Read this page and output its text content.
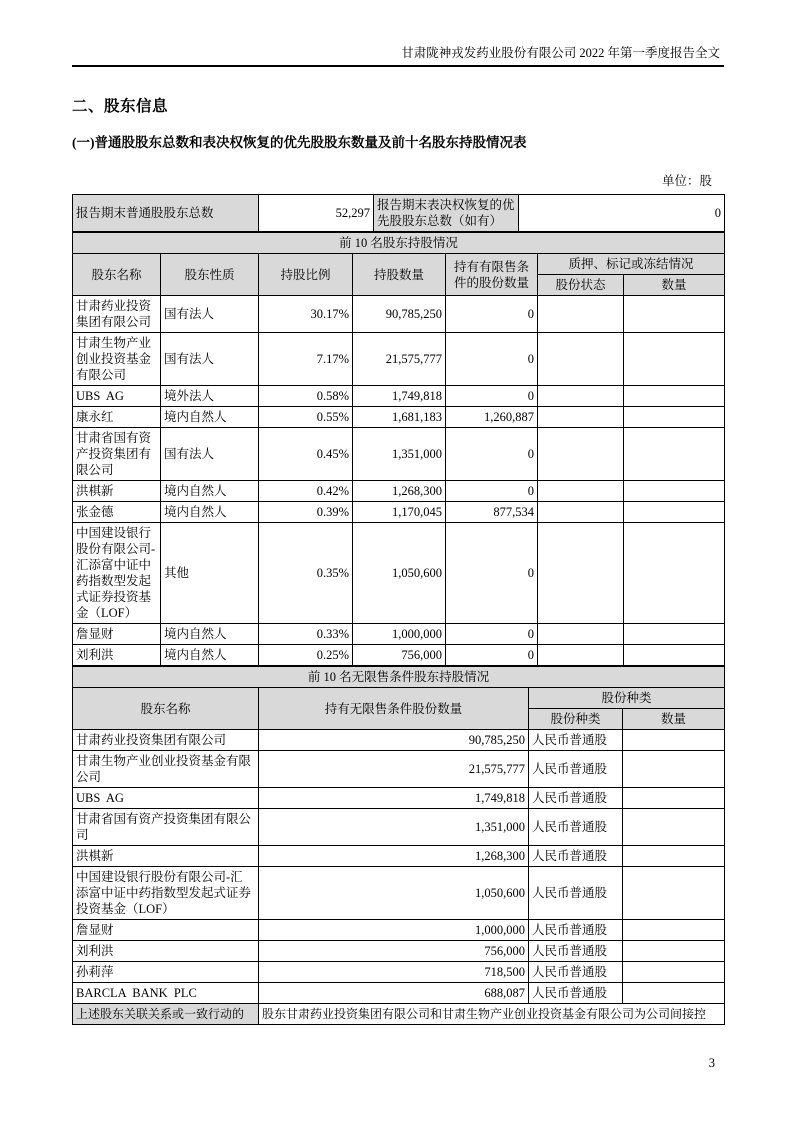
甘肃陇神戎发药业股份有限公司 2022 年第一季度报告全文
二、股东信息
(一)普通股股东总数和表决权恢复的优先股股东数量及前十名股东持股情况表
单位：股
报告期末普通股股东总数	52,297	报告期末表决权恢复的优先股股东总数（如有）	0
前 10 名股东持股情况						
股东名称	股东性质	持股比例	持股数量	持有有限售条件的股份数量	质押、标记或冻结情况	
					股份状态	数量
甘肃药业投资集团有限公司	国有法人	30.17%	90,785,250	0		
甘肃生物产业创业投资基金有限公司	国有法人	7.17%	21,575,777	0		
UBS  AG	境外法人	0.58%	1,749,818	0		
康永红	境内自然人	0.55%	1,681,183	1,260,887		
甘肃省国有资产投资集团有限公司	国有法人	0.45%	1,351,000	0		
洪棋新	境内自然人	0.42%	1,268,300	0		
张金德	境内自然人	0.39%	1,170,045	877,534		
中国建设银行股份有限公司-汇添富中证中药指数型发起式证券投资基金（LOF）	其他	0.35%	1,050,600	0		
詹显财	境内自然人	0.33%	1,000,000	0		
刘利洪	境内自然人	0.25%	756,000	0		
前 10 名无限售条件股东持股情况			
股东名称	持有无限售条件股份数量	股份种类	
		股份种类	数量
甘肃药业投资集团有限公司	90,785,250	人民币普通股	
甘肃生物产业创业投资基金有限公司	21,575,777	人民币普通股	
UBS  AG	1,749,818	人民币普通股	
甘肃省国有资产投资集团有限公司	1,351,000	人民币普通股	
洪棋新	1,268,300	人民币普通股	
中国建设银行股份有限公司-汇添富中证中药指数型发起式证券投资基金（LOF）	1,050,600	人民币普通股	
詹显财	1,000,000	人民币普通股	
刘利洪	756,000	人民币普通股	
孙莉萍	718,500	人民币普通股	
BARCLA  BANK  PLC	688,087	人民币普通股	
上述股东关联关系或一致行动的	股东甘肃药业投资集团有限公司和甘肃生物产业创业投资基金有限公司为公司间接控		
3
